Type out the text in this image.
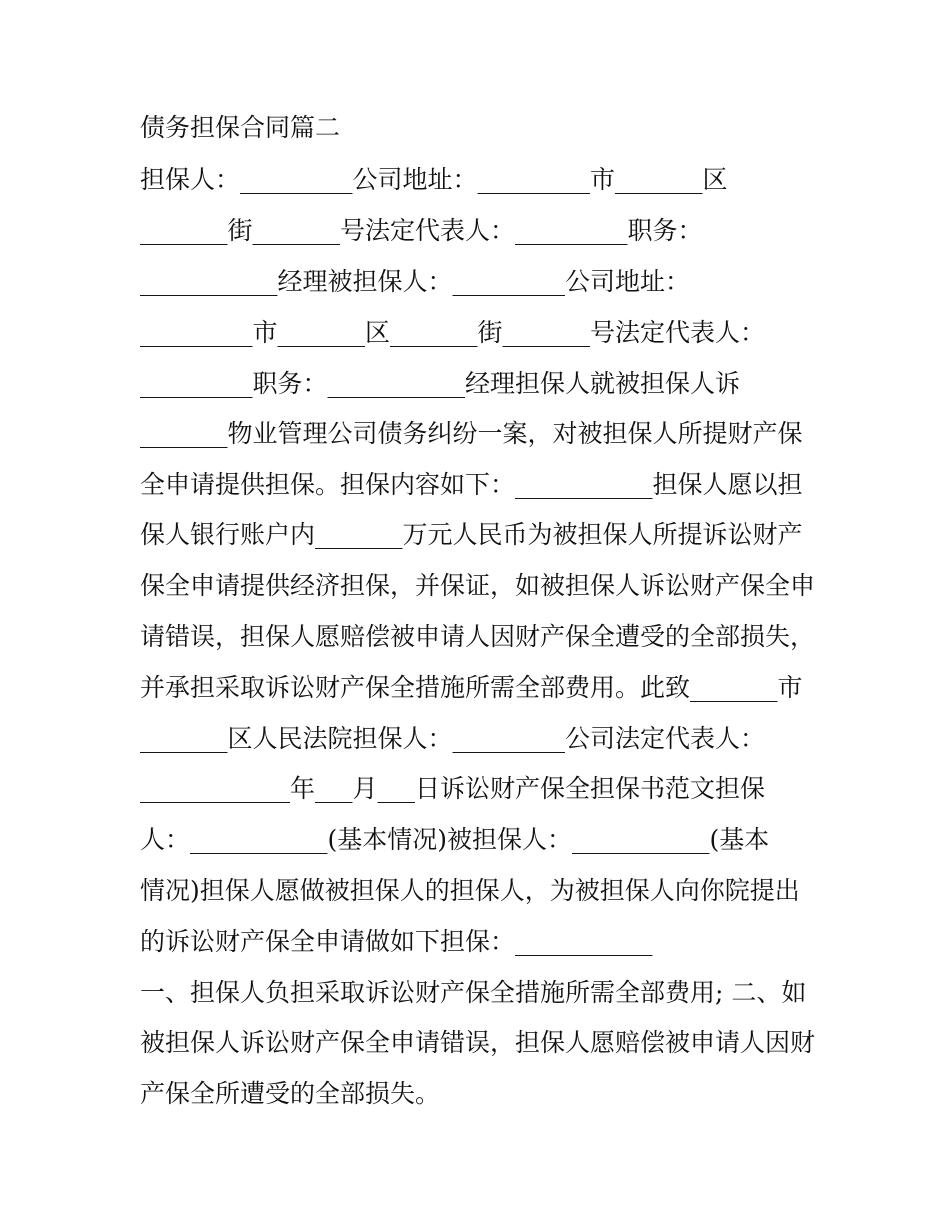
债务担保合同篇二

担保人：_________公司地址：_________市_______区

_______街_______号法定代表人：_________职务：

___________经理被担保人：_________公司地址：

_________市_______区_______街_______号法定代表人：

_________职务：___________经理担保人就被担保人诉

_______物业管理公司债务纠纷一案，对被担保人所提财产保

全申请提供担保。担保内容如下：___________担保人愿以担

保人银行账户内_______万元人民币为被担保人所提诉讼财产

保全申请提供经济担保，并保证，如被担保人诉讼财产保全申

请错误，担保人愿赔偿被申请人因财产保全遭受的全部损失，

并承担采取诉讼财产保全措施所需全部费用。此致_______市

_______区人民法院担保人：_________公司法定代表人：

____________年___月___日诉讼财产保全担保书范文担保

人：___________(基本情况)被担保人：___________(基本

情况)担保人愿做被担保人的担保人，为被担保人向你院提出

的诉讼财产保全申请做如下担保：___________

一、担保人负担采取诉讼财产保全措施所需全部费用; 二、如

被担保人诉讼财产保全申请错误，担保人愿赔偿被申请人因财

产保全所遭受的全部损失。
